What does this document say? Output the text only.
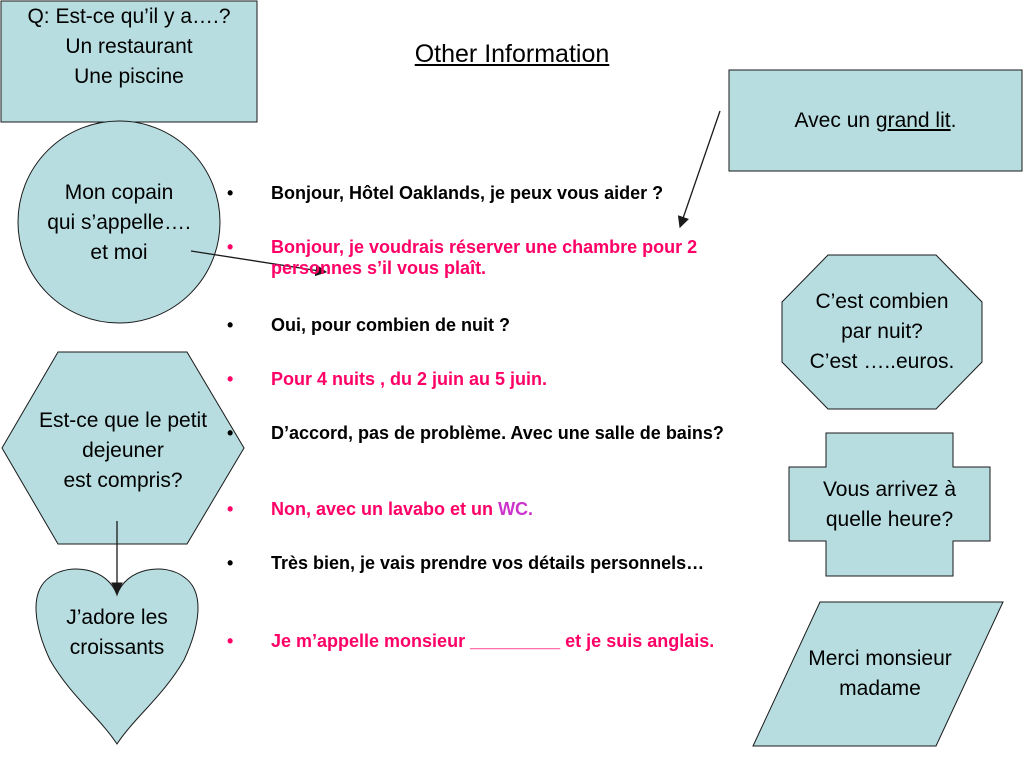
Other Information
Q: Est-ce qu’il y a….?
Un restaurant
Une piscine
Mon copain
qui s’appelle….
et moi
Est-ce que le petit
dejeuner
est compris?
J’adore les
croissants
Avec un grand lit.
C’est combien
par nuit?
C’est …..euros.
Vous arrivez à
quelle heure?
Merci monsieur
madame
•	Bonjour, Hôtel Oaklands, je peux vous aider ?
•	Bonjour, je voudrais réserver une chambre pour 2 personnes s’il vous plaît.
•	Oui, pour combien de nuit ?
•	Pour 4 nuits , du 2 juin au 5 juin.
•	D’accord, pas de problème. Avec une salle de bains?
•	Non, avec un lavabo et un WC.
•	Très bien, je vais prendre vos détails personnels…
•	Je m’appelle monsieur _________ et je suis anglais.
